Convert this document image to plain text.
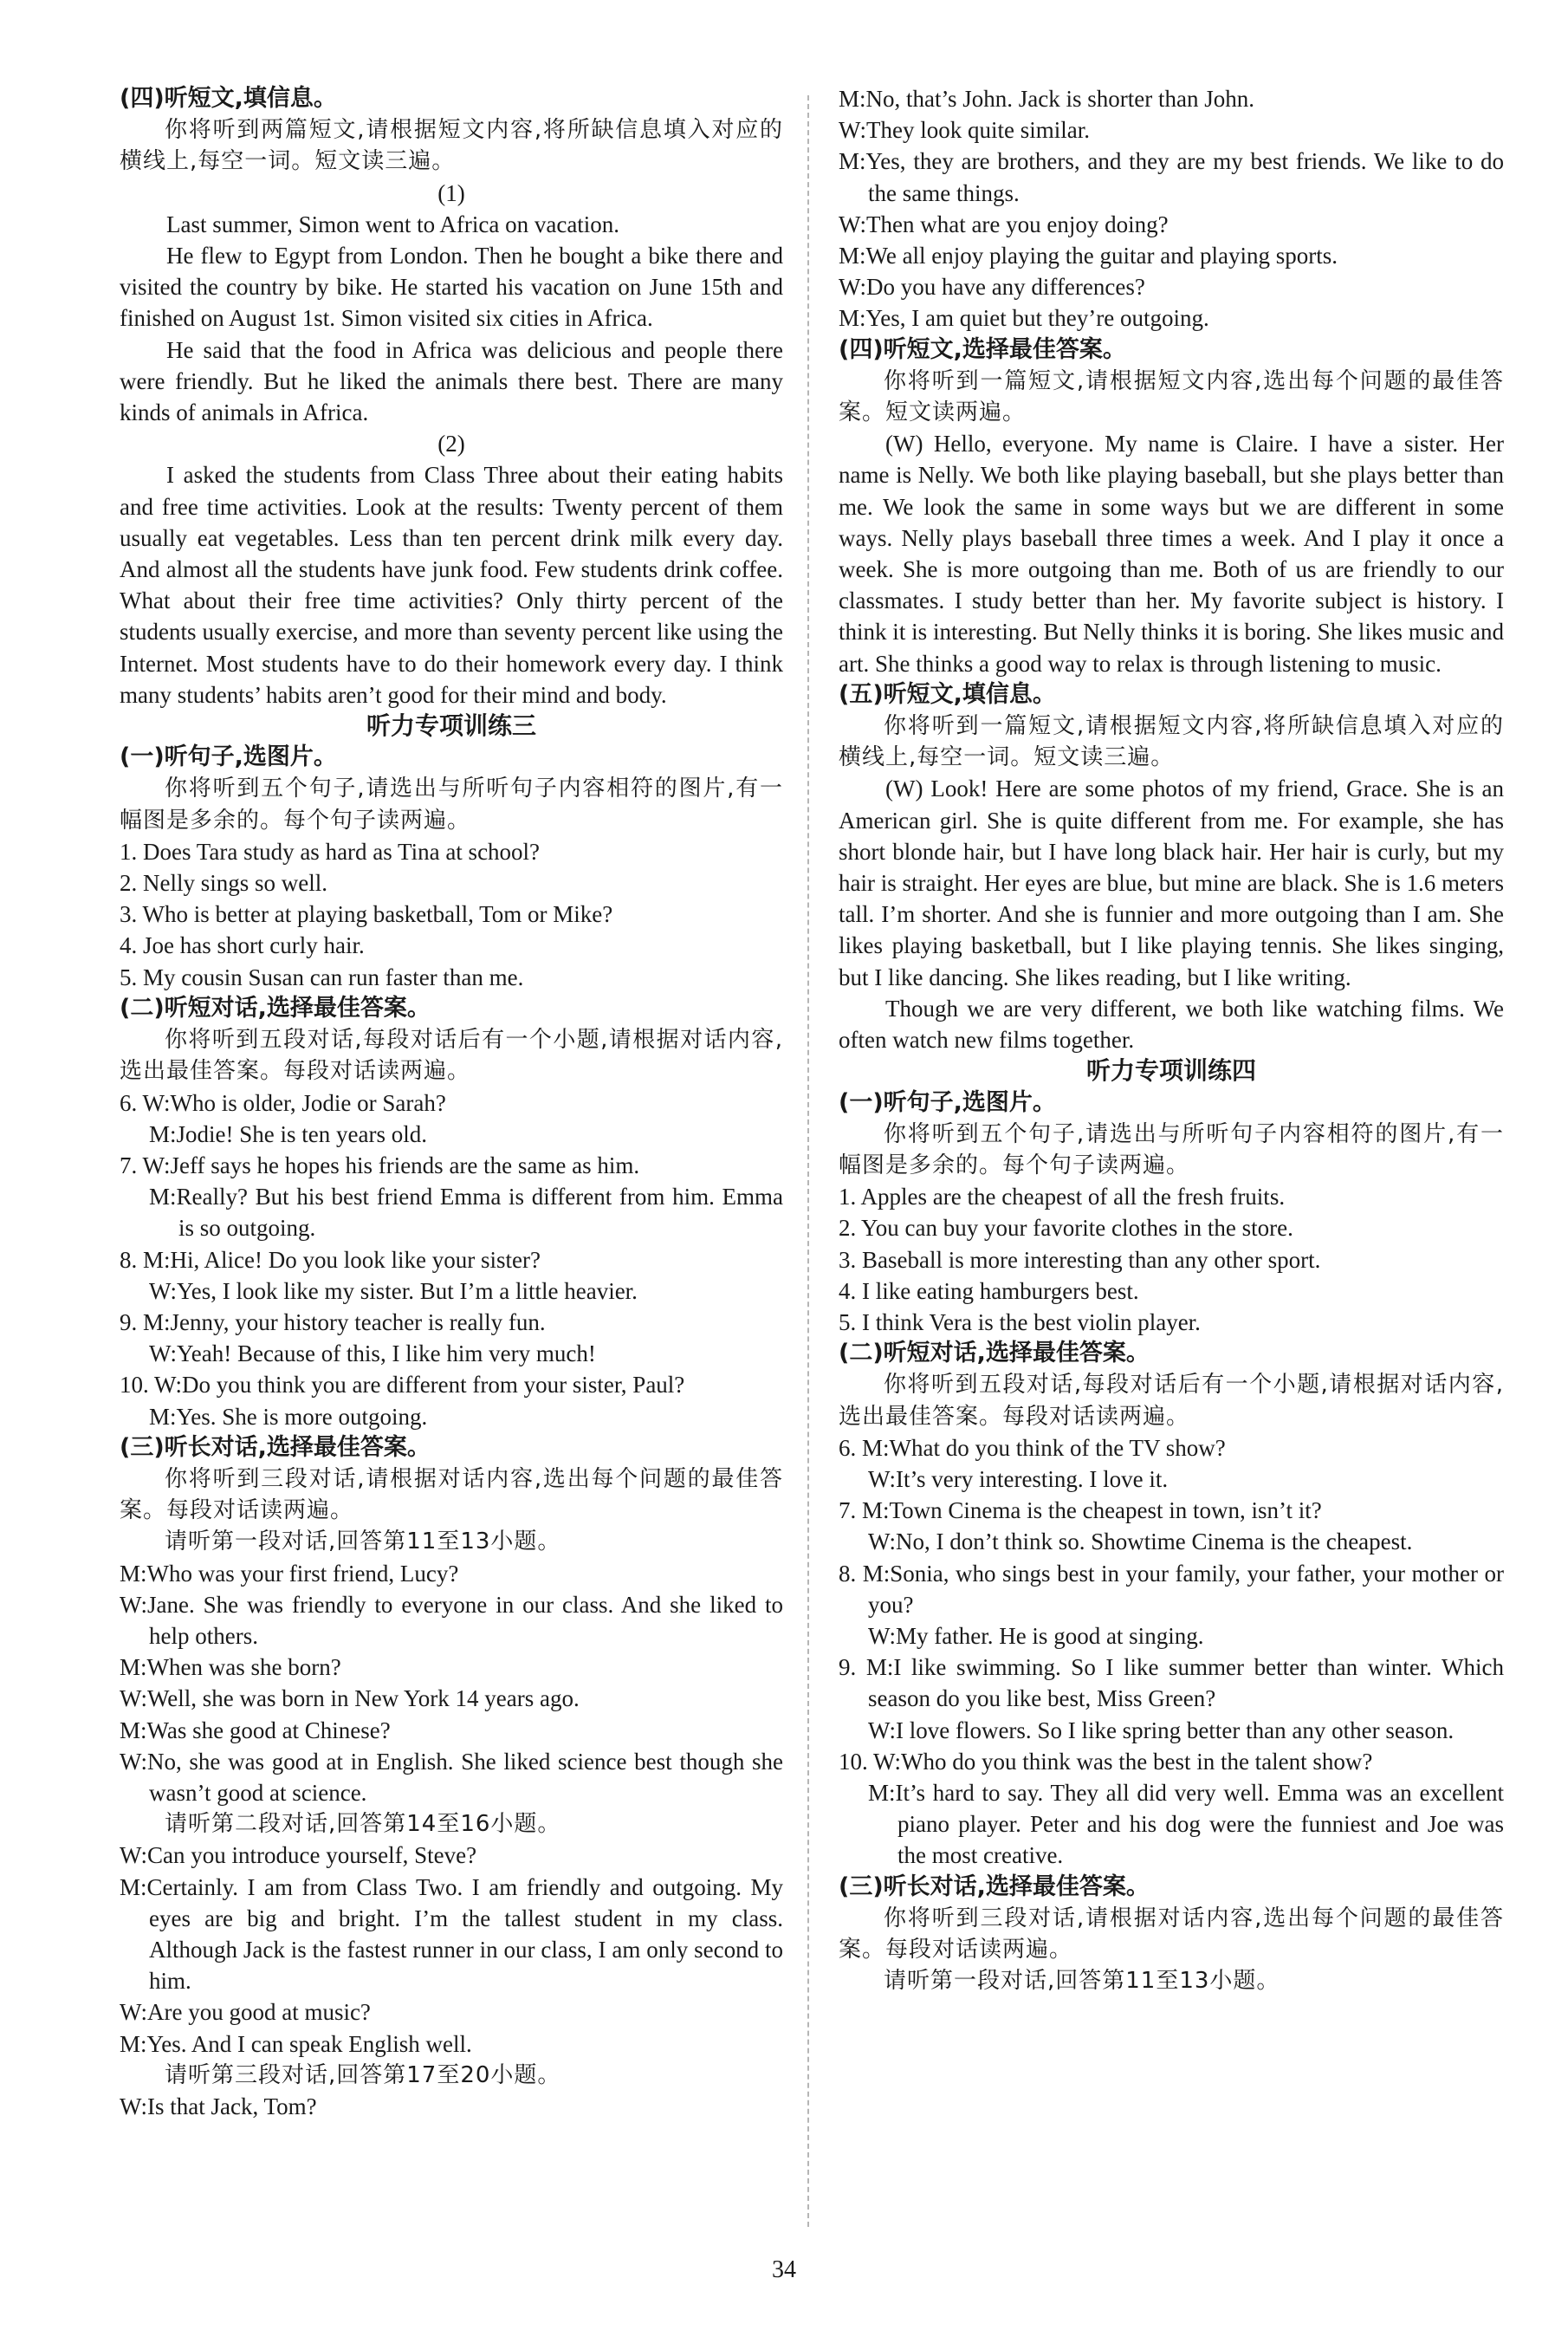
(四)听短文,填信息。

你将听到两篇短文,请根据短文内容,将所缺信息填入对应的横线上,每空一词。短文读三遍。

(1)

Last summer, Simon went to Africa on vacation.

He flew to Egypt from London. Then he bought a bike there and visited the country by bike. He started his vacation on June 15th and finished on August 1st. Simon visited six cities in Africa.

He said that the food in Africa was delicious and people there were friendly. But he liked the animals there best. There are many kinds of animals in Africa.

(2)

I asked the students from Class Three about their eating habits and free time activities. Look at the results: Twenty percent of them usually eat vegetables. Less than ten percent drink milk every day. And almost all the students have junk food. Few students drink coffee. What about their free time activities? Only thirty percent of the students usually exercise, and more than seventy percent like using the Internet. Most students have to do their homework every day. I think many students’ habits aren’t good for their mind and body.

听力专项训练三

(一)听句子,选图片。

你将听到五个句子,请选出与所听句子内容相符的图片,有一幅图是多余的。每个句子读两遍。

1. Does Tara study as hard as Tina at school?

2. Nelly sings so well.

3. Who is better at playing basketball, Tom or Mike?

4. Joe has short curly hair.

5. My cousin Susan can run faster than me.

(二)听短对话,选择最佳答案。

你将听到五段对话,每段对话后有一个小题,请根据对话内容,选出最佳答案。每段对话读两遍。

6. W:Who is older, Jodie or Sarah?

M:Jodie! She is ten years old.

7. W:Jeff says he hopes his friends are the same as him.

M:Really? But his best friend Emma is different from him. Emma is so outgoing.

8. M:Hi, Alice! Do you look like your sister?

W:Yes, I look like my sister. But I’m a little heavier.

9. M:Jenny, your history teacher is really fun.

W:Yeah! Because of this, I like him very much!

10. W:Do you think you are different from your sister, Paul?

M:Yes. She is more outgoing.

(三)听长对话,选择最佳答案。

你将听到三段对话,请根据对话内容,选出每个问题的最佳答案。每段对话读两遍。

请听第一段对话,回答第11至13小题。

M:Who was your first friend, Lucy?

W:Jane. She was friendly to everyone in our class. And she liked to help others.

M:When was she born?

W:Well, she was born in New York 14 years ago.

M:Was she good at Chinese?

W:No, she was good at in English. She liked science best though she wasn’t good at science.

请听第二段对话,回答第14至16小题。

W:Can you introduce yourself, Steve?

M:Certainly. I am from Class Two. I am friendly and outgoing. My eyes are big and bright. I’m the tallest student in my class. Although Jack is the fastest runner in our class, I am only second to him.

W:Are you good at music?

M:Yes. And I can speak English well.

请听第三段对话,回答第17至20小题。

W:Is that Jack, Tom?

M:No, that’s John. Jack is shorter than John.

W:They look quite similar.

M:Yes, they are brothers, and they are my best friends. We like to do the same things.

W:Then what are you enjoy doing?

M:We all enjoy playing the guitar and playing sports.

W:Do you have any differences?

M:Yes, I am quiet but they’re outgoing.

(四)听短文,选择最佳答案。

你将听到一篇短文,请根据短文内容,选出每个问题的最佳答案。短文读两遍。

(W) Hello, everyone. My name is Claire. I have a sister. Her name is Nelly. We both like playing baseball, but she plays better than me. We look the same in some ways but we are different in some ways. Nelly plays baseball three times a week. And I play it once a week. She is more outgoing than me. Both of us are friendly to our classmates. I study better than her. My favorite subject is history. I think it is interesting. But Nelly thinks it is boring. She likes music and art. She thinks a good way to relax is through listening to music.

(五)听短文,填信息。

你将听到一篇短文,请根据短文内容,将所缺信息填入对应的横线上,每空一词。短文读三遍。

(W) Look! Here are some photos of my friend, Grace. She is an American girl. She is quite different from me. For example, she has short blonde hair, but I have long black hair. Her hair is curly, but my hair is straight. Her eyes are blue, but mine are black. She is 1.6 meters tall. I’m shorter. And she is funnier and more outgoing than I am. She likes playing basketball, but I like playing tennis. She likes singing, but I like dancing. She likes reading, but I like writing.

Though we are very different, we both like watching films. We often watch new films together.

听力专项训练四

(一)听句子,选图片。

你将听到五个句子,请选出与所听句子内容相符的图片,有一幅图是多余的。每个句子读两遍。

1. Apples are the cheapest of all the fresh fruits.

2. You can buy your favorite clothes in the store.

3. Baseball is more interesting than any other sport.

4. I like eating hamburgers best.

5. I think Vera is the best violin player.

(二)听短对话,选择最佳答案。

你将听到五段对话,每段对话后有一个小题,请根据对话内容,选出最佳答案。每段对话读两遍。

6. M:What do you think of the TV show?

W:It’s very interesting. I love it.

7. M:Town Cinema is the cheapest in town, isn’t it?

W:No, I don’t think so. Showtime Cinema is the cheapest.

8. M:Sonia, who sings best in your family, your father, your mother or you?

W:My father. He is good at singing.

9. M:I like swimming. So I like summer better than winter. Which season do you like best, Miss Green?

W:I love flowers. So I like spring better than any other season.

10. W:Who do you think was the best in the talent show?

M:It’s hard to say. They all did very well. Emma was an excellent piano player. Peter and his dog were the funniest and Joe was the most creative.

(三)听长对话,选择最佳答案。

你将听到三段对话,请根据对话内容,选出每个问题的最佳答案。每段对话读两遍。

请听第一段对话,回答第11至13小题。

34
